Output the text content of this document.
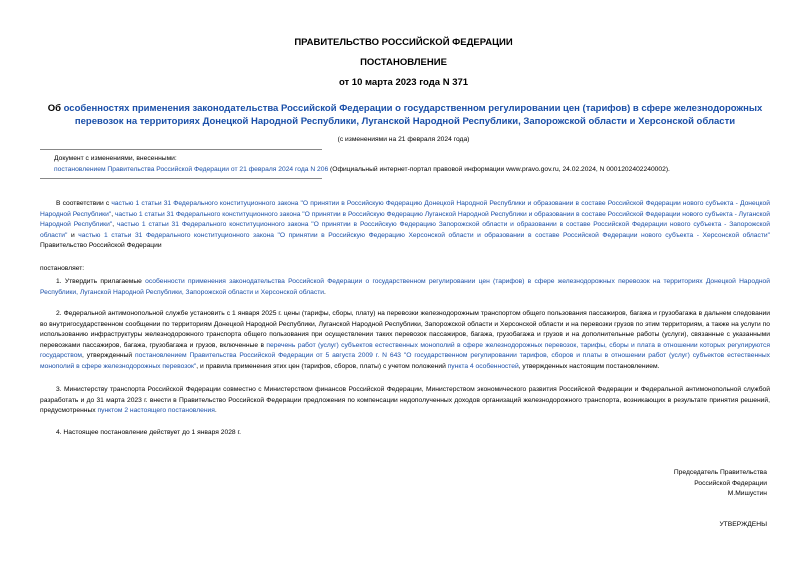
ПРАВИТЕЛЬСТВО РОССИЙСКОЙ ФЕДЕРАЦИИ
ПОСТАНОВЛЕНИЕ
от 10 марта 2023 года N 371
Об особенностях применения законодательства Российской Федерации о государственном регулировании цен (тарифов) в сфере железнодорожных перевозок на территориях Донецкой Народной Республики, Луганской Народной Республики, Запорожской области и Херсонской области
(с изменениями на 21 февраля 2024 года)
Документ с изменениями, внесенными:
постановлением Правительства Российской Федерации от 21 февраля 2024 года N 206 (Официальный интернет-портал правовой информации www.pravo.gov.ru, 24.02.2024, N 0001202402240002).
В соответствии с частью 1 статьи 31 Федерального конституционного закона "О принятии в Российскую Федерацию Донецкой Народной Республики и образовании в составе Российской Федерации нового субъекта - Донецкой Народной Республики", частью 1 статьи 31 Федерального конституционного закона "О принятии в Российскую Федерацию Луганской Народной Республики и образовании в составе Российской Федерации нового субъекта - Луганской Народной Республики", частью 1 статьи 31 Федерального конституционного закона "О принятии в Российскую Федерацию Запорожской области и образовании в составе Российской Федерации нового субъекта - Запорожской области" и частью 1 статьи 31 Федерального конституционного закона "О принятии в Российскую Федерацию Херсонской области и образовании в составе Российской Федерации нового субъекта - Херсонской области" Правительство Российской Федерации
постановляет:
1. Утвердить прилагаемые особенности применения законодательства Российской Федерации о государственном регулировании цен (тарифов) в сфере железнодорожных перевозок на территориях Донецкой Народной Республики, Луганской Народной Республики, Запорожской области и Херсонской области.
2. Федеральной антимонопольной службе установить с 1 января 2025 г. цены (тарифы, сборы, плату) на перевозки железнодорожным транспортом общего пользования пассажиров, багажа и грузобагажа в дальнем следовании во внутригосударственном сообщении по территориям Донецкой Народной Республики, Луганской Народной Республики, Запорожской области и Херсонской области и на перевозки грузов по этим территориям, а также на услуги по использованию инфраструктуры железнодорожного транспорта общего пользования при осуществлении таких перевозок пассажиров, багажа, грузобагажа и грузов и на дополнительные работы (услуги), связанные с указанными перевозками пассажиров, багажа, грузобагажа и грузов, включенные в перечень работ (услуг) субъектов естественных монополий в сфере железнодорожных перевозок, тарифы, сборы и плата в отношении которых регулируются государством, утвержденный постановлением Правительства Российской Федерации от 5 августа 2009 г. N 643 "О государственном регулировании тарифов, сборов и платы в отношении работ (услуг) субъектов естественных монополий в сфере железнодорожных перевозок", и правила применения этих цен (тарифов, сборов, платы) с учетом положений пункта 4 особенностей, утвержденных настоящим постановлением.
3. Министерству транспорта Российской Федерации совместно с Министерством финансов Российской Федерации, Министерством экономического развития Российской Федерации и Федеральной антимонопольной службой разработать и до 31 марта 2023 г. внести в Правительство Российской Федерации предложения по компенсации недополученных доходов организаций железнодорожного транспорта, возникающих в результате принятия решений, предусмотренных пунктом 2 настоящего постановления.
4. Настоящее постановление действует до 1 января 2028 г.
Председатель Правительства
Российской Федерации
М.Мишустин
УТВЕРЖДЕНЫ
